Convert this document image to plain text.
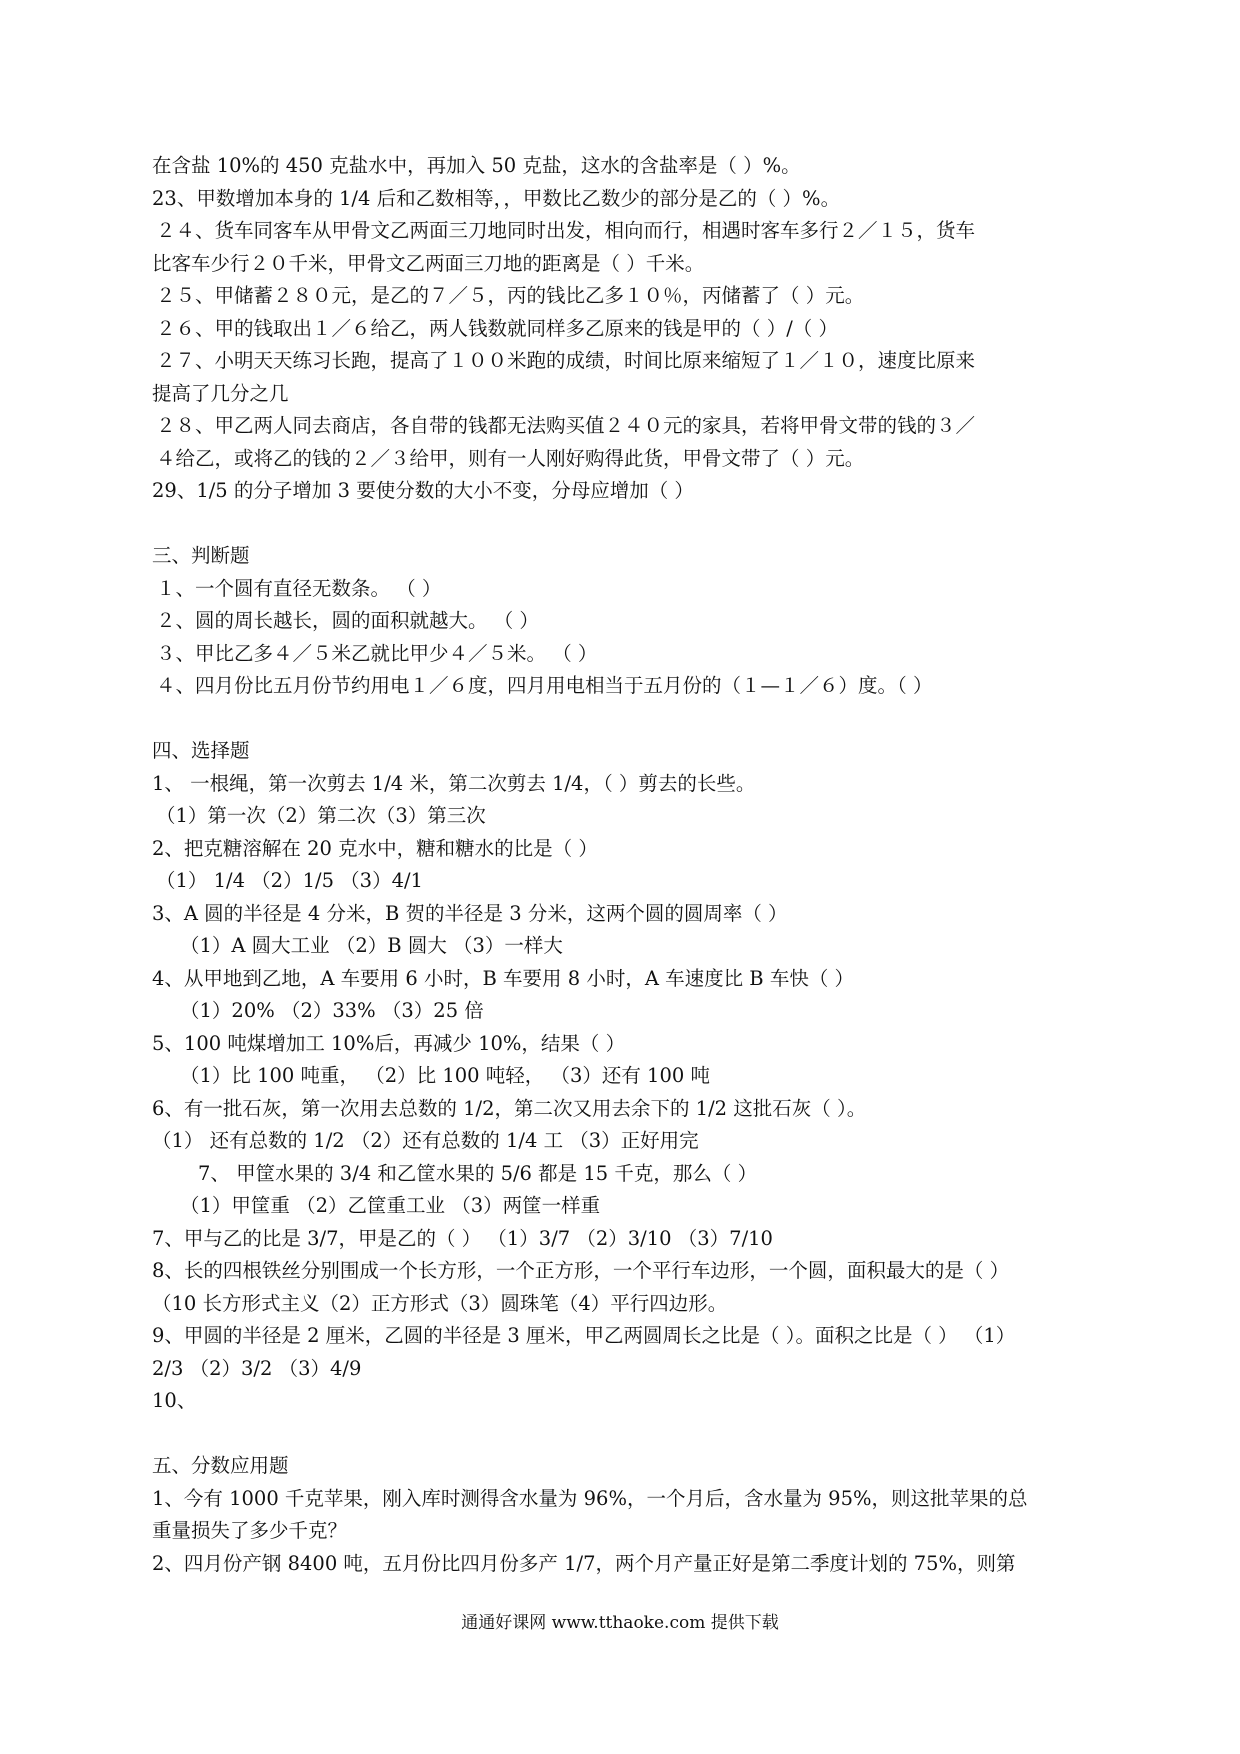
在含盐 10%的 450 克盐水中，再加入 50 克盐，这水的含盐率是（ ）%。
23、甲数增加本身的 1/4 后和乙数相等，，甲数比乙数少的部分是乙的（ ）%。
２４、货车同客车从甲骨文乙两面三刀地同时出发，相向而行，相遇时客车多行２／１５，货车
比客车少行２０千米，甲骨文乙两面三刀地的距离是（ ）千米。
２５、甲储蓄２８０元，是乙的７／５，丙的钱比乙多１０％，丙储蓄了（ ）元。
２６、甲的钱取出１／６给乙，两人钱数就同样多乙原来的钱是甲的（ ）/（ ）
２７、小明天天练习长跑，提高了１００米跑的成绩，时间比原来缩短了１／１０，速度比原来
提高了几分之几
２８、甲乙两人同去商店，各自带的钱都无法购买值２４０元的家具，若将甲骨文带的钱的３／
４给乙，或将乙的钱的２／３给甲，则有一人刚好购得此货，甲骨文带了（ ）元。
29、1/5 的分子增加 3 要使分数的大小不变，分母应增加（ ）
三、判断题
１、一个圆有直径无数条。 （ ）
２、圆的周长越长，圆的面积就越大。 （ ）
３、甲比乙多４／５米乙就比甲少４／５米。 （ ）
４、四月份比五月份节约用电１／６度，四月用电相当于五月份的（１—１／６）度。（ ）
四、选择题
1、 一根绳，第一次剪去 1/4 米，第二次剪去 1/4，（ ）剪去的长些。
（1）第一次（2）第二次（3）第三次
2、把克糖溶解在 20 克水中，糖和糖水的比是（ ）
（1） 1/4 （2）1/5 （3）4/1
3、A 圆的半径是 4 分米，B 贺的半径是 3 分米，这两个圆的圆周率（ ）
（1）A 圆大工业 （2）B 圆大 （3）一样大
4、从甲地到乙地，A 车要用 6 小时，B 车要用 8 小时，A 车速度比 B 车快（ ）
（1）20% （2）33% （3）25 倍
5、100 吨煤增加工 10%后，再减少 10%，结果（ ）
（1）比 100 吨重， （2）比 100 吨轻， （3）还有 100 吨
6、有一批石灰，第一次用去总数的 1/2，第二次又用去余下的 1/2 这批石灰（ ）。
（1） 还有总数的 1/2 （2）还有总数的 1/4 工 （3）正好用完
7、 甲筐水果的 3/4 和乙筐水果的 5/6 都是 15 千克，那么（ ）
（1）甲筐重 （2）乙筐重工业 （3）两筐一样重
7、甲与乙的比是 3/7，甲是乙的（ ） （1）3/7 （2）3/10 （3）7/10
8、长的四根铁丝分别围成一个长方形，一个正方形，一个平行车边形，一个圆，面积最大的是（ ）
（10 长方形式主义（2）正方形式（3）圆珠笔（4）平行四边形。
9、甲圆的半径是 2 厘米，乙圆的半径是 3 厘米，甲乙两圆周长之比是（ ）。面积之比是（ ） （1）
2/3 （2）3/2 （3）4/9
10、
五、分数应用题
1、今有 1000 千克苹果，刚入库时测得含水量为 96%，一个月后，含水量为 95%，则这批苹果的总
重量损失了多少千克？
2、四月份产钢 8400 吨，五月份比四月份多产 1/7，两个月产量正好是第二季度计划的 75%，则第
通通好课网 www.tthaoke.com 提供下载
